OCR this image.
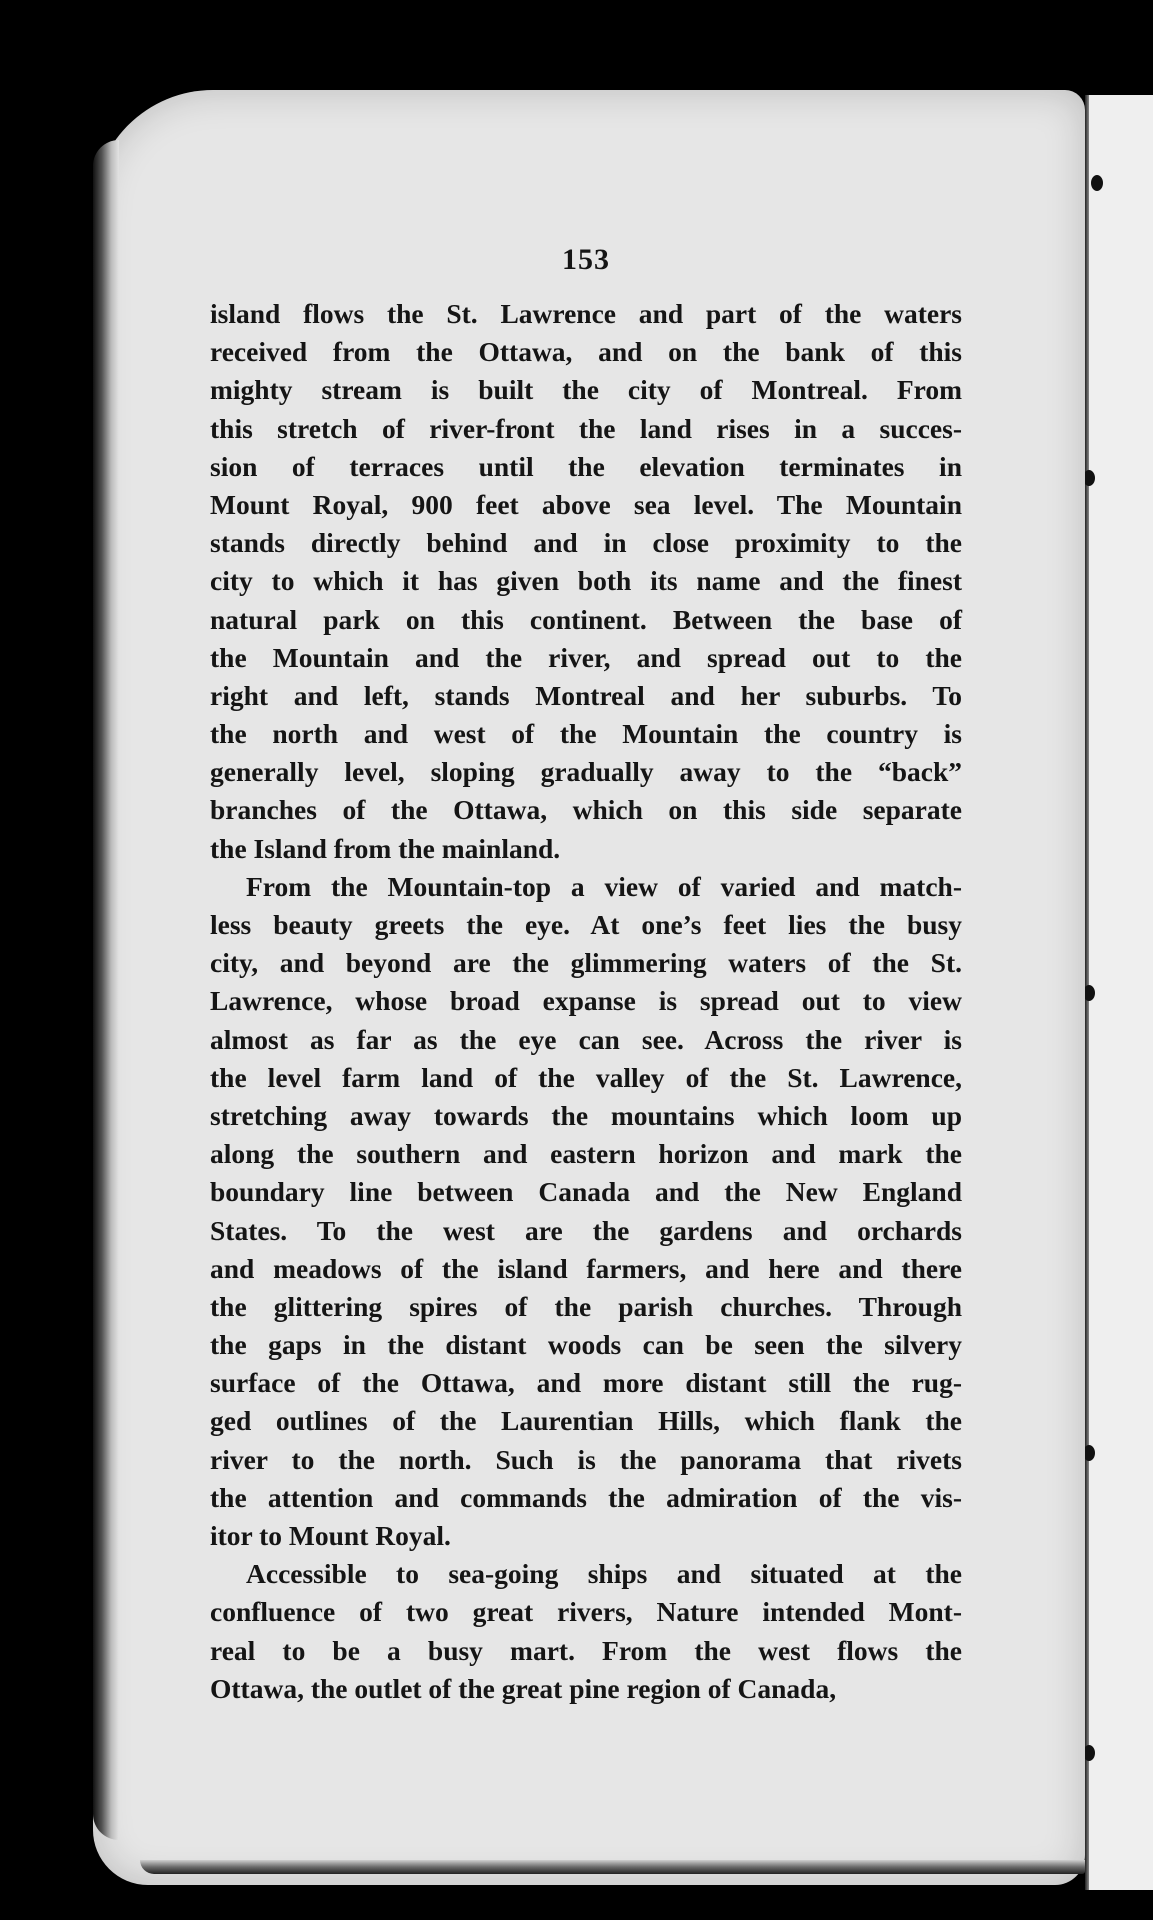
153
island flows the St. Lawrence and part of the waters
received from the Ottawa, and on the bank of this
mighty stream is built the city of Montreal. From
this stretch of river-front the land rises in a succes-
sion of terraces until the elevation terminates in
Mount Royal, 900 feet above sea level. The Mountain
stands directly behind and in close proximity to the
city to which it has given both its name and the finest
natural park on this continent. Between the base of
the Mountain and the river, and spread out to the
right and left, stands Montreal and her suburbs. To
the north and west of the Mountain the country is
generally level, sloping gradually away to the “back”
branches of the Ottawa, which on this side separate
the Island from the mainland.
From the Mountain-top a view of varied and match-
less beauty greets the eye. At one’s feet lies the busy
city, and beyond are the glimmering waters of the St.
Lawrence, whose broad expanse is spread out to view
almost as far as the eye can see. Across the river is
the level farm land of the valley of the St. Lawrence,
stretching away towards the mountains which loom up
along the southern and eastern horizon and mark the
boundary line between Canada and the New England
States. To the west are the gardens and orchards
and meadows of the island farmers, and here and there
the glittering spires of the parish churches. Through
the gaps in the distant woods can be seen the silvery
surface of the Ottawa, and more distant still the rug-
ged outlines of the Laurentian Hills, which flank the
river to the north. Such is the panorama that rivets
the attention and commands the admiration of the vis-
itor to Mount Royal.
Accessible to sea-going ships and situated at the
confluence of two great rivers, Nature intended Mont-
real to be a busy mart. From the west flows the
Ottawa, the outlet of the great pine region of Canada,
